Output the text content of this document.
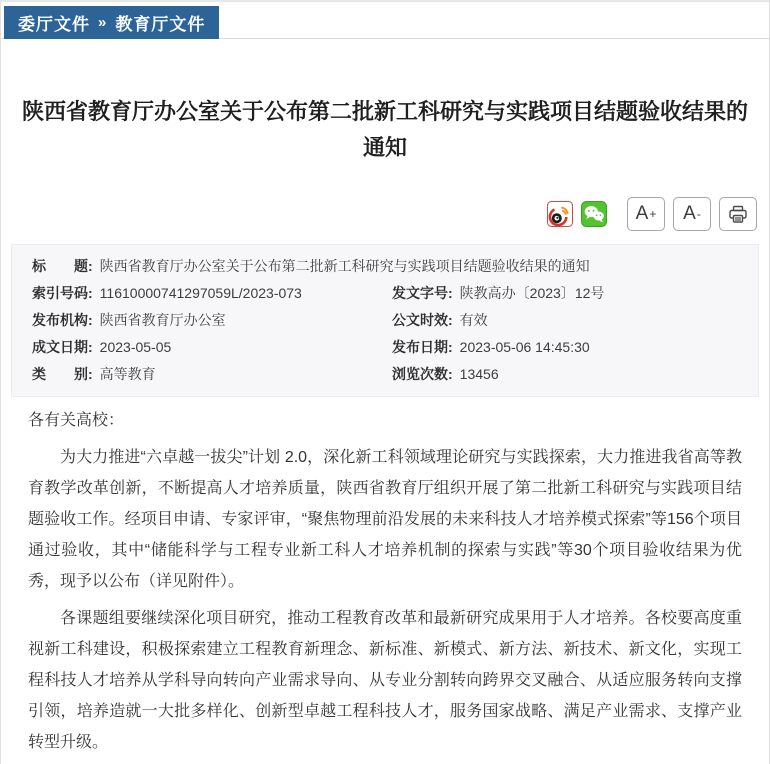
委厅文件 » 教育厅文件
陕西省教育厅办公室关于公布第二批新工科研究与实践项目结题验收结果的通知
A + A -
标　　题: 陕西省教育厅办公室关于公布第二批新工科研究与实践项目结题验收结果的通知
索引号码: 11610000741297059L/2023-073	发文字号: 陕教高办〔2023〕12号
发布机构: 陕西省教育厅办公室	公文时效: 有效
成文日期: 2023-05-05	发布日期: 2023-05-06 14:45:30
类　　别: 高等教育	浏览次数: 13456

各有关高校：

为大力推进“六卓越一拔尖”计划 2.0，深化新工科领域理论研究与实践探索，大力推进我省高等教育教学改革创新，不断提高人才培养质量，陕西省教育厅组织开展了第二批新工科研究与实践项目结题验收工作。经项目申请、专家评审，“聚焦物理前沿发展的未来科技人才培养模式探索”等156个项目通过验收，其中“储能科学与工程专业新工科人才培养机制的探索与实践”等30个项目验收结果为优秀，现予以公布（详见附件）。

各课题组要继续深化项目研究，推动工程教育改革和最新研究成果用于人才培养。各校要高度重视新工科建设，积极探索建立工程教育新理念、新标准、新模式、新方法、新技术、新文化，实现工程科技人才培养从学科导向转向产业需求导向、从专业分割转向跨界交叉融合、从适应服务转向支撑引领，培养造就一大批多样化、创新型卓越工程科技人才，服务国家战略、满足产业需求、支撑产业转型升级。
